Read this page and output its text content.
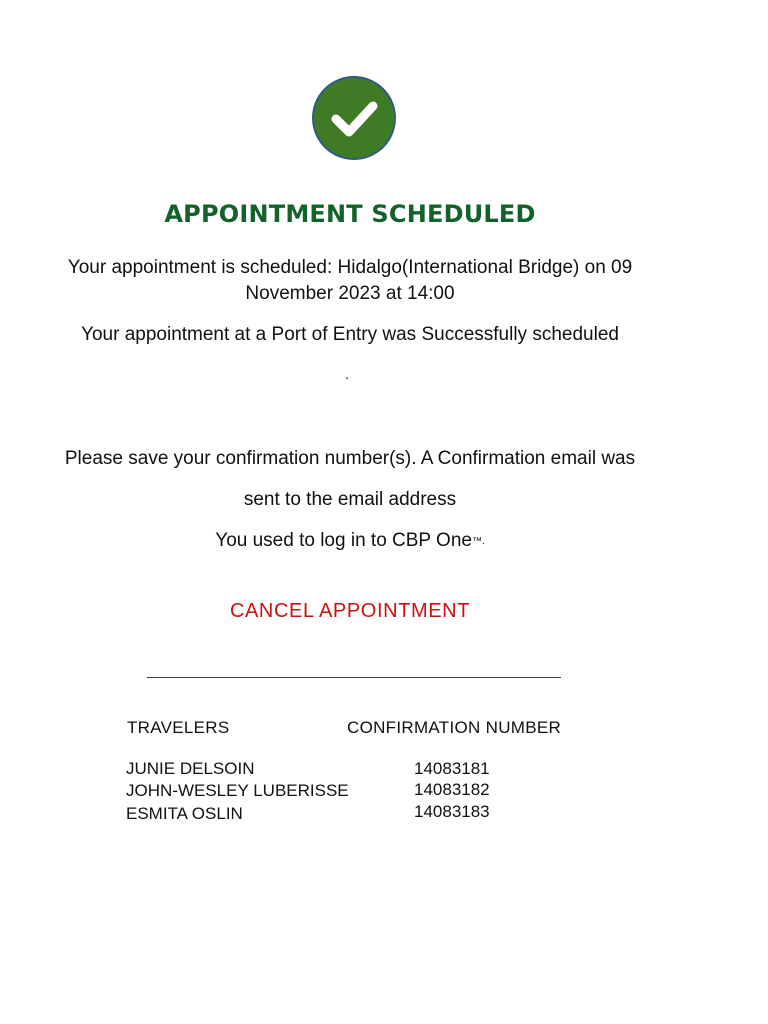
APPOINTMENT SCHEDULED
Your appointment is scheduled: Hidalgo(International Bridge) on 09
November 2023 at 14:00
Your appointment at a Port of Entry was Successfully scheduled
.
Please save your confirmation number(s). A Confirmation email was
sent to the email address
You used to log in to CBP One™.
CANCEL APPOINTMENT
TRAVELERS	CONFIRMATION NUMBER
JUNIE DELSOIN	14083181
JOHN-WESLEY LUBERISSE	14083182
ESMITA OSLIN	14083183
